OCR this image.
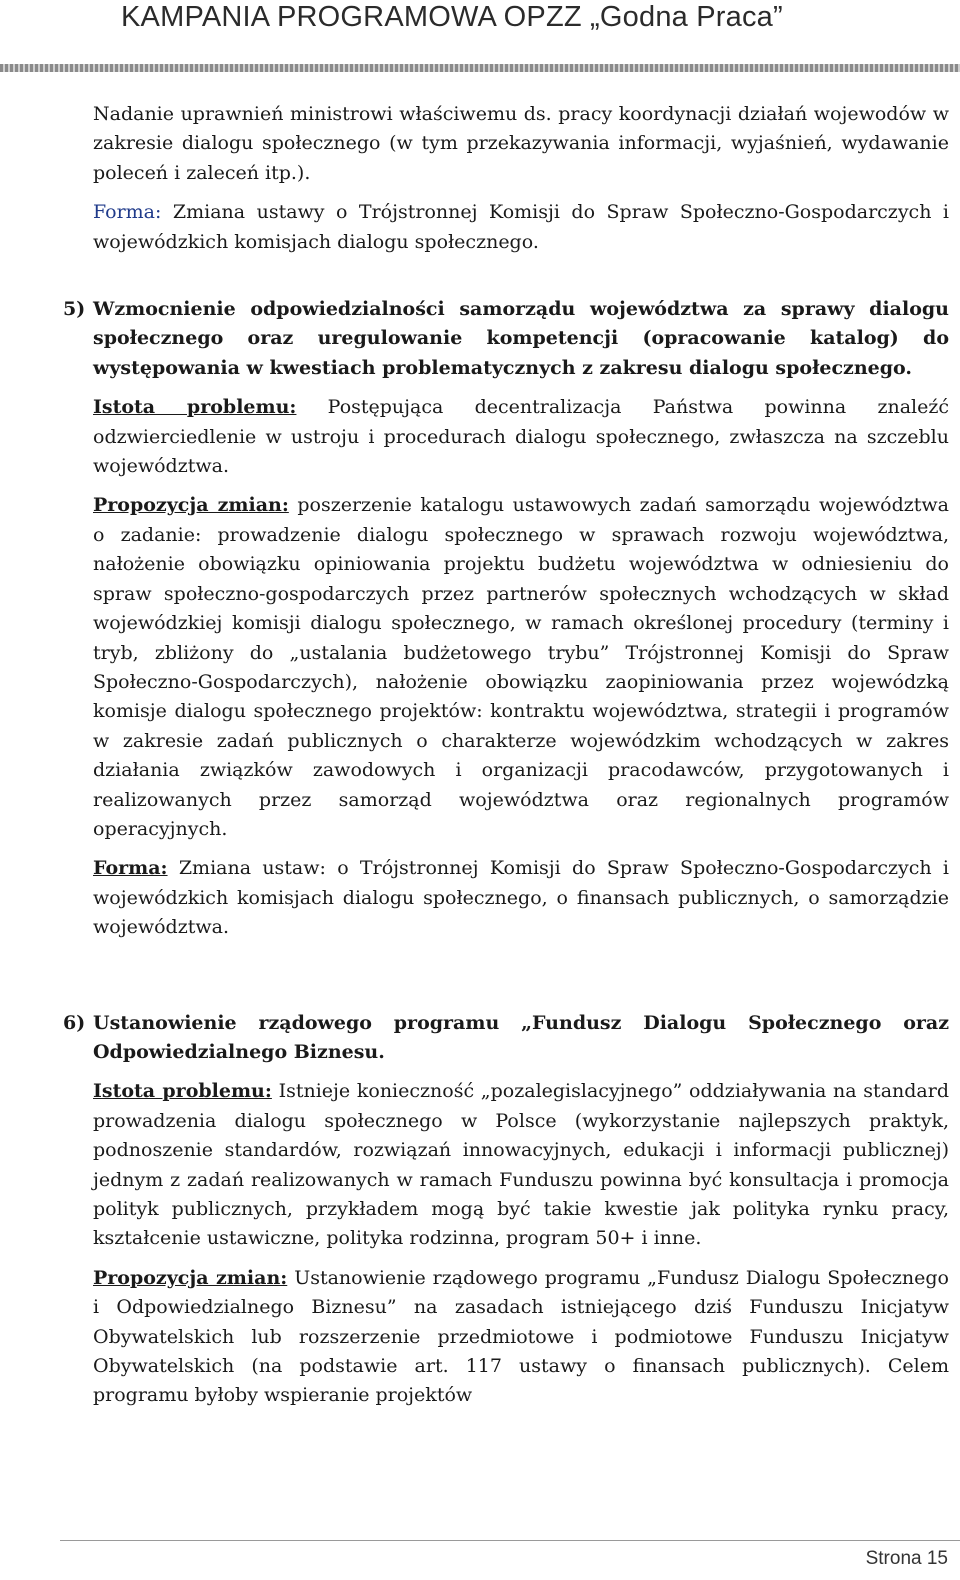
KAMPANIA PROGRAMOWA OPZZ „Godna Praca”

Nadanie uprawnień ministrowi właściwemu ds. pracy koordynacji działań wojewodów w zakresie dialogu społecznego (w tym przekazywania informacji, wyjaśnień, wydawanie poleceń i zaleceń itp.).

Forma: Zmiana ustawy o Trójstronnej Komisji do Spraw Społeczno-Gospodarczych i wojewódzkich komisjach dialogu społecznego.

5) Wzmocnienie odpowiedzialności samorządu województwa za sprawy dialogu społecznego oraz uregulowanie kompetencji (opracowanie katalog) do występowania w kwestiach problematycznych z zakresu dialogu społecznego.

Istota problemu: Postępująca decentralizacja Państwa powinna znaleźć odzwierciedlenie w ustroju i procedurach dialogu społecznego, zwłaszcza na szczeblu województwa.

Propozycja zmian: poszerzenie katalogu ustawowych zadań samorządu województwa o zadanie: prowadzenie dialogu społecznego w sprawach rozwoju województwa, nałożenie obowiązku opiniowania projektu budżetu województwa w odniesieniu do spraw społeczno-gospodarczych przez partnerów społecznych wchodzących w skład wojewódzkiej komisji dialogu społecznego, w ramach określonej procedury (terminy i tryb, zbliżony do „ustalania budżetowego trybu” Trójstronnej Komisji do Spraw Społeczno-Gospodarczych), nałożenie obowiązku zaopiniowania przez wojewódzką komisje dialogu społecznego projektów: kontraktu województwa, strategii i programów w zakresie zadań publicznych o charakterze wojewódzkim wchodzących w zakres działania związków zawodowych i organizacji pracodawców, przygotowanych i realizowanych przez samorząd województwa oraz regionalnych programów operacyjnych.

Forma: Zmiana ustaw: o Trójstronnej Komisji do Spraw Społeczno-Gospodarczych i wojewódzkich komisjach dialogu społecznego, o finansach publicznych, o samorządzie województwa.

6) Ustanowienie rządowego programu „Fundusz Dialogu Społecznego oraz Odpowiedzialnego Biznesu.

Istota problemu: Istnieje konieczność „pozalegislacyjnego” oddziaływania na standard prowadzenia dialogu społecznego w Polsce (wykorzystanie najlepszych praktyk, podnoszenie standardów, rozwiązań innowacyjnych, edukacji i informacji publicznej) jednym z zadań realizowanych w ramach Funduszu powinna być konsultacja i promocja polityk publicznych, przykładem mogą być takie kwestie jak polityka rynku pracy, kształcenie ustawiczne, polityka rodzinna, program 50+ i inne.

Propozycja zmian: Ustanowienie rządowego programu „Fundusz Dialogu Społecznego i Odpowiedzialnego Biznesu” na zasadach istniejącego dziś Funduszu Inicjatyw Obywatelskich lub rozszerzenie przedmiotowe i podmiotowe Funduszu Inicjatyw Obywatelskich (na podstawie art. 117 ustawy o finansach publicznych). Celem programu byłoby wspieranie projektów

Strona 15
